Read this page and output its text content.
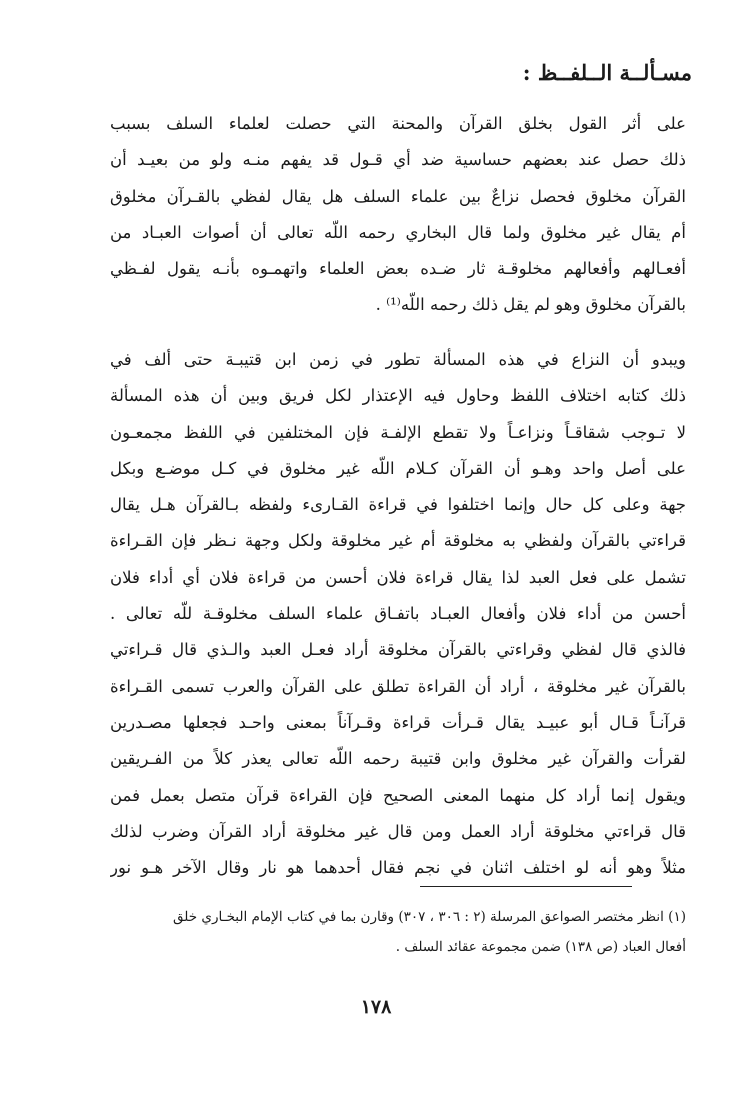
مسـألــة الــلفــظ :
على أثر القول بخلق القرآن والمحنة التي حصلت لعلماء السلف بسبب
ذلك حصل عند بعضهم حساسية ضد أي قـول قد يفهم منـه ولو من بعيـد أن
القرآن مخلوق فحصل نزاعٌ بين علماء السلف هل يقال لفظي بالقـرآن مخلوق
أم يقال غير مخلوق ولما قال البخاري رحمه اللّه تعالى أن أصوات العبـاد من
أفعـالهم وأفعالهم مخلوقـة ثار ضـده بعض العلماء واتهمـوه بأنـه يقول لفـظي
بالقرآن مخلوق وهو لم يقل ذلك رحمه اللّه⁽¹⁾ .
ويبدو أن النزاع في هذه المسألة تطور في زمن ابن قتيبـة حتى ألف في
ذلك كتابه اختلاف اللفظ وحاول فيه الإعتذار لكل فريق وبين أن هذه المسألة
لا تـوجب شقاقـاً ونزاعـاً ولا تقطع الإلفـة فإن المختلفين في اللفظ مجمعـون
على أصل واحد وهـو أن القرآن كـلام اللّه غير مخلوق في كـل موضـع وبكل
جهة وعلى كل حال وإنما اختلفوا في قراءة القـارىء ولفظه بـالقرآن هـل يقال
قراءتي بالقرآن ولفظي به مخلوقة أم غير مخلوقة ولكل وجهة نـظر فإن القـراءة
تشمل على فعل العبد لذا يقال قراءة فلان أحسن من قراءة فلان أي أداء فلان
أحسن من أداء فلان وأفعال العبـاد باتفـاق علماء السلف مخلوقـة للّه تعالى .
فالذي قال لفظي وقراءتي بالقرآن مخلوقة أراد فعـل العبد والـذي قال قـراءتي
بالقرآن غير مخلوقة ، أراد أن القراءة تطلق على القرآن والعرب تسمى القـراءة
قرآنـاً قـال أبو عبيـد يقال قـرأت قراءة وقـرآناً بمعنى واحـد فجعلها مصـدرين
لقرأت والقرآن غير مخلوق وابن قتيبة رحمه اللّه تعالى يعذر كلاً من الفـريقين
ويقول إنما أراد كل منهما المعنى الصحيح فإن القراءة قرآن متصل بعمل فمن
قال قراءتي مخلوقة أراد العمل ومن قال غير مخلوقة أراد القرآن وضرب لذلك
مثلاً وهو أنه لو اختلف اثنان في نجم فقال أحدهما هو نار وقال الآخر هـو نور
(١) انظر مختصر الصواعق المرسلة (٢ : ٣٠٦ ، ٣٠٧) وقارن بما في كتاب الإمام البخـاري خلق
أفعال العباد (ص ١٣٨) ضمن مجموعة عقائد السلف .
١٧٨
